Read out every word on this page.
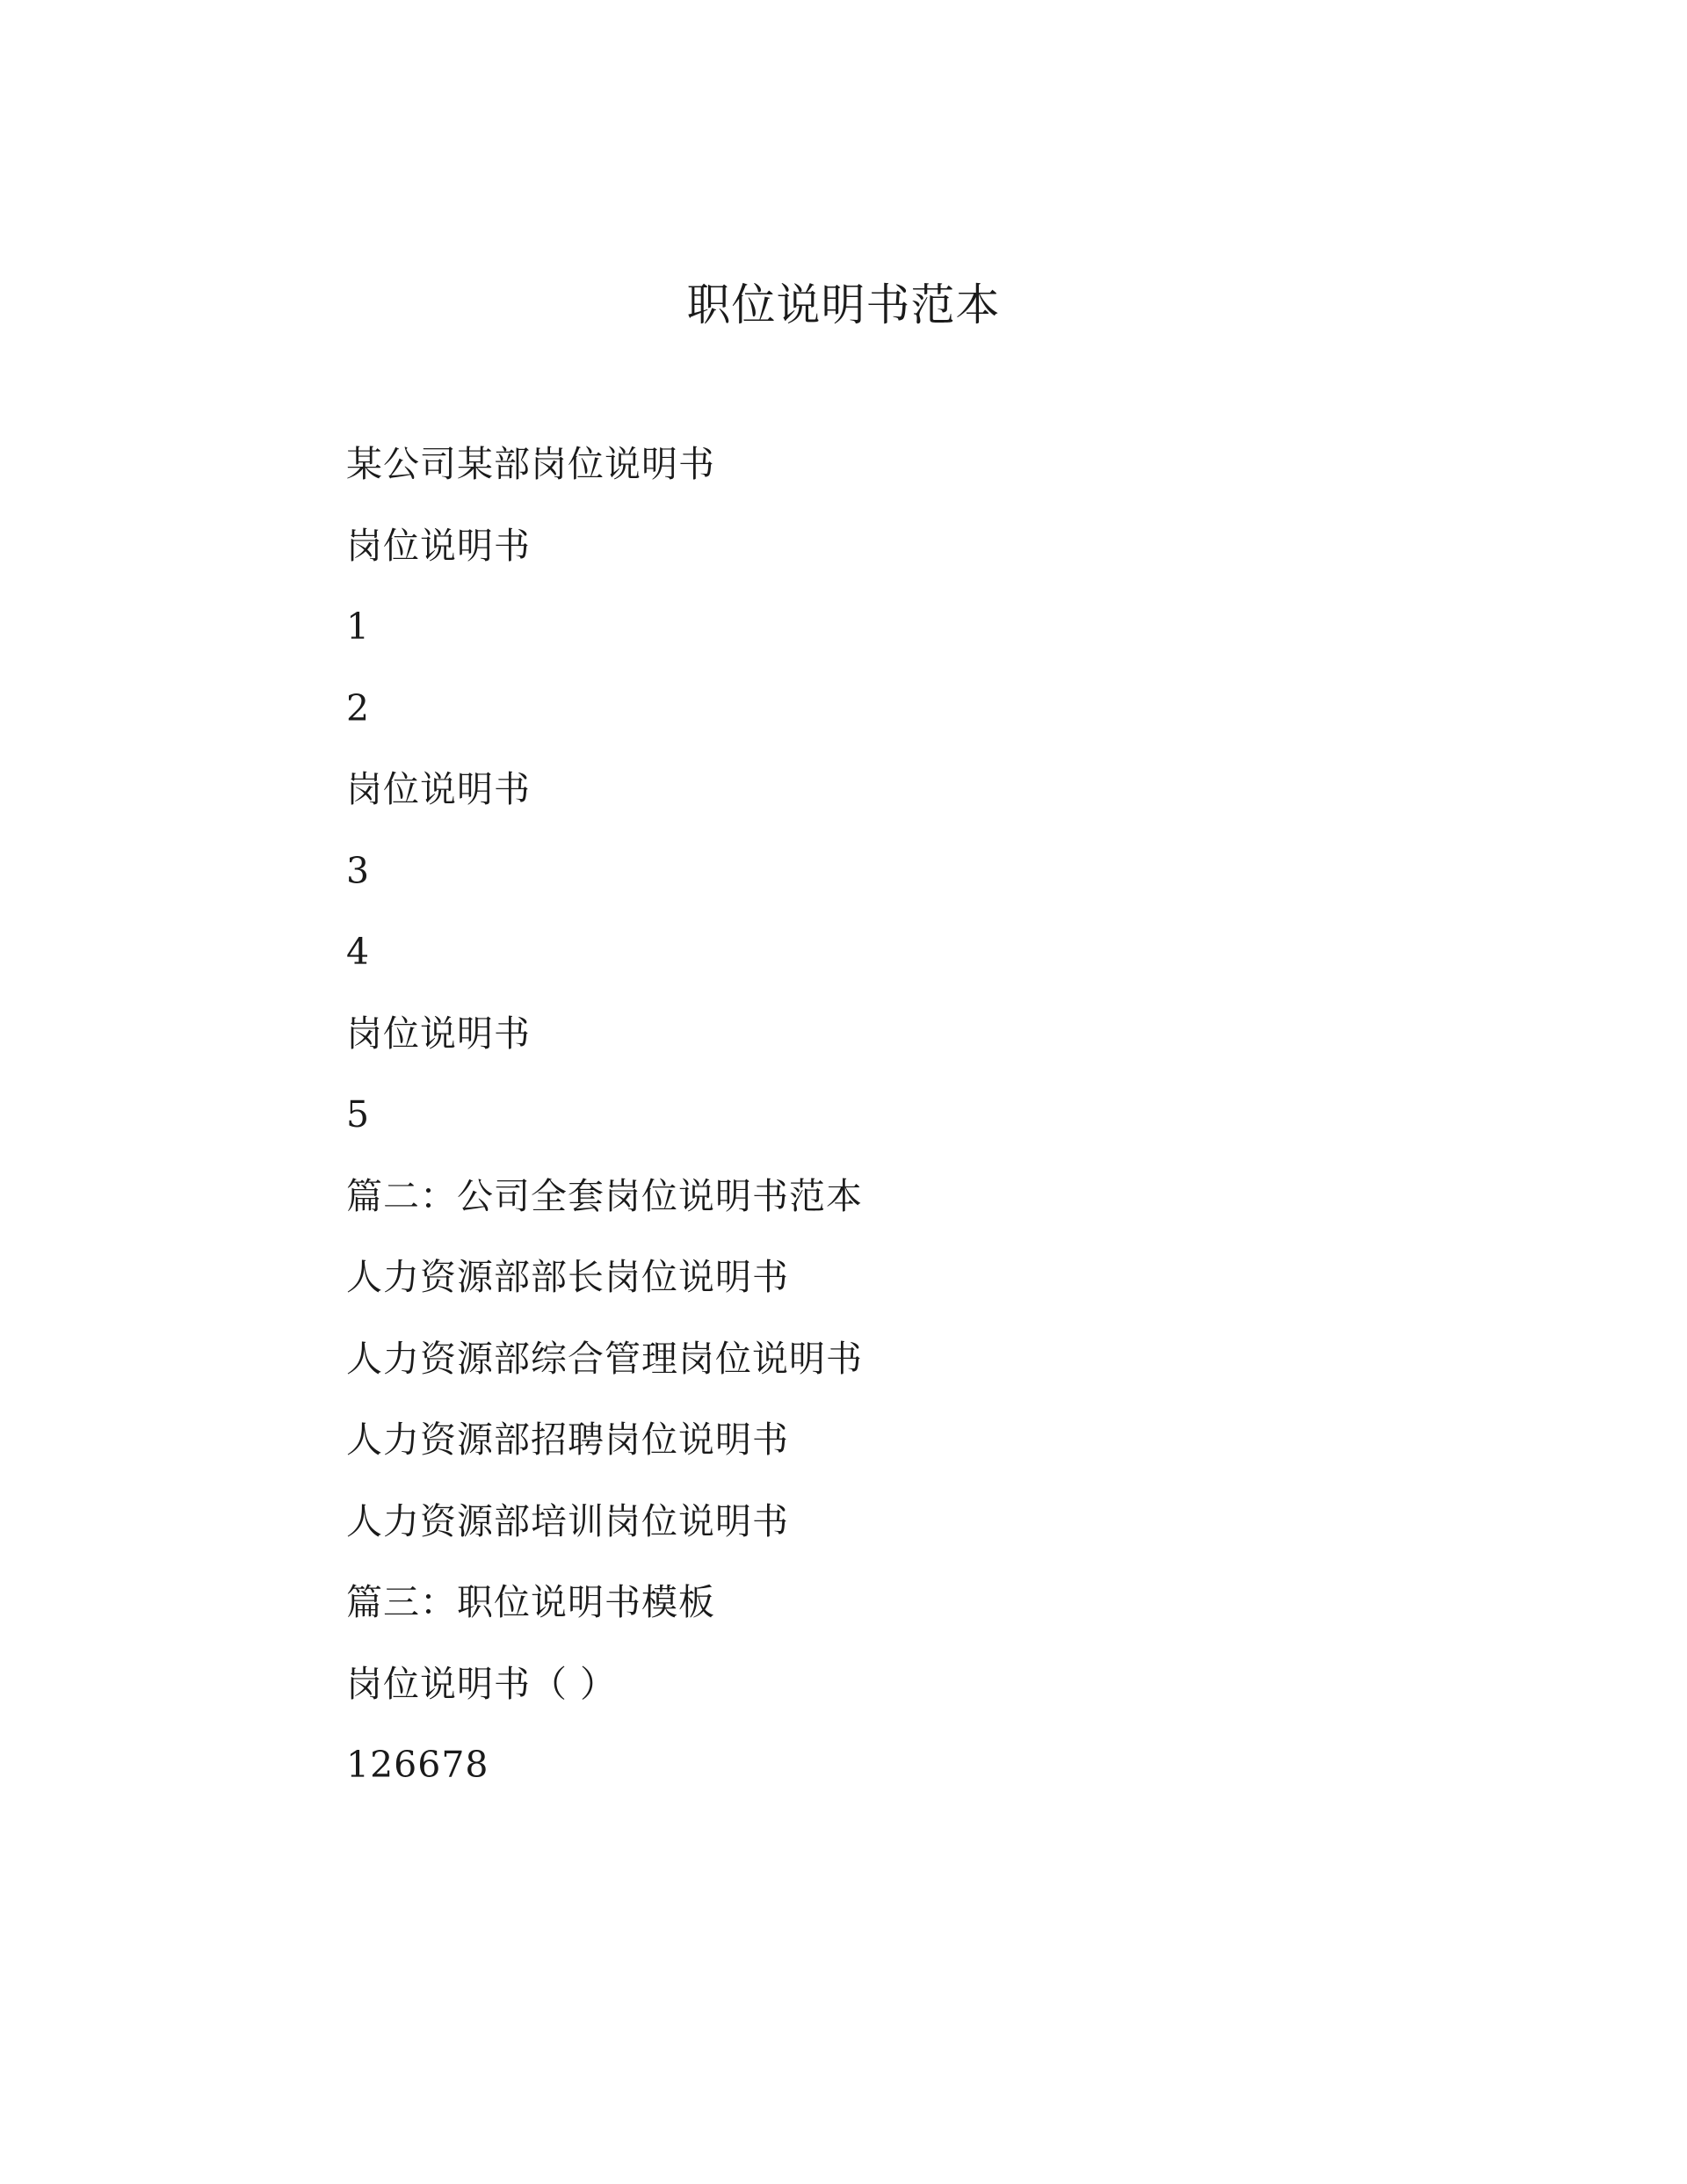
职位说明书范本
某公司某部岗位说明书
岗位说明书
1
2
岗位说明书
3
4
岗位说明书
5
篇二：公司全套岗位说明书范本
人力资源部部长岗位说明书
人力资源部综合管理岗位说明书
人力资源部招聘岗位说明书
人力资源部培训岗位说明书
篇三：职位说明书模板
岗位说明书（ ）
126678
